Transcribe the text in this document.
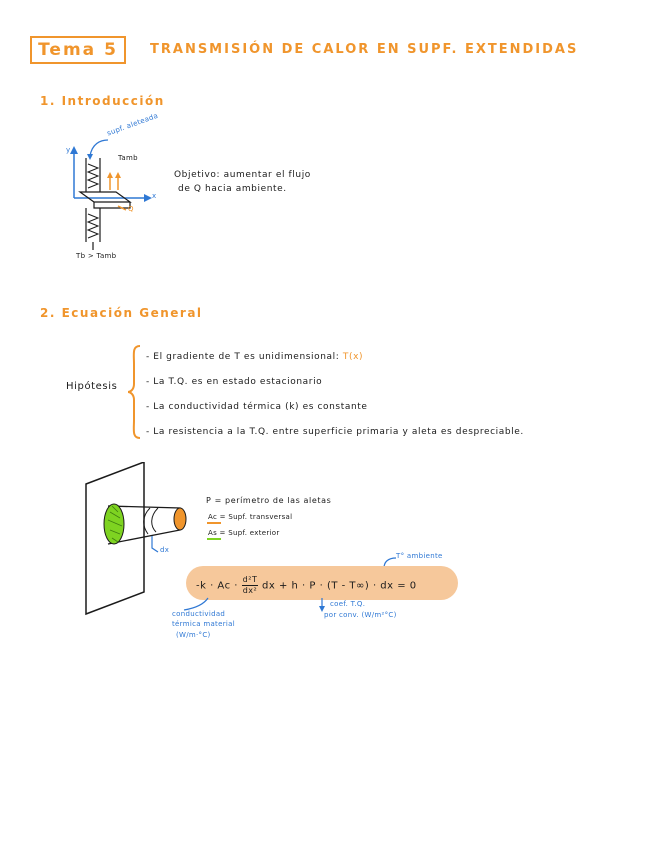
Tema 5 TRANSMISIÓN DE CALOR EN SUPF. EXTENDIDAS
1. Introducción
y
x
supf. aleteada
Tamb
Q
Tb > Tamb
Objetivo: aumentar el flujo
de Q hacia ambiente.
2. Ecuación General
Hipótesis
- El gradiente de T es unidimensional: T(x)
- La T.Q. es en estado estacionario
- La conductividad térmica (k) es constante
- La resistencia a la T.Q. entre superficie primaria y aleta es despreciable.
dx
P = perímetro de las aletas
Ac = Supf. transversal
As = Supf. exterior
T° ambiente
$-k \cdot Ac \cdot \frac{\text{d²T}}{\text{dx²}}$ dx + h · P · (T - T∞) · dx = 0
conductividad
térmica material
(W/m·°C)
coef. T.Q.
por conv. (W/m²°C)
